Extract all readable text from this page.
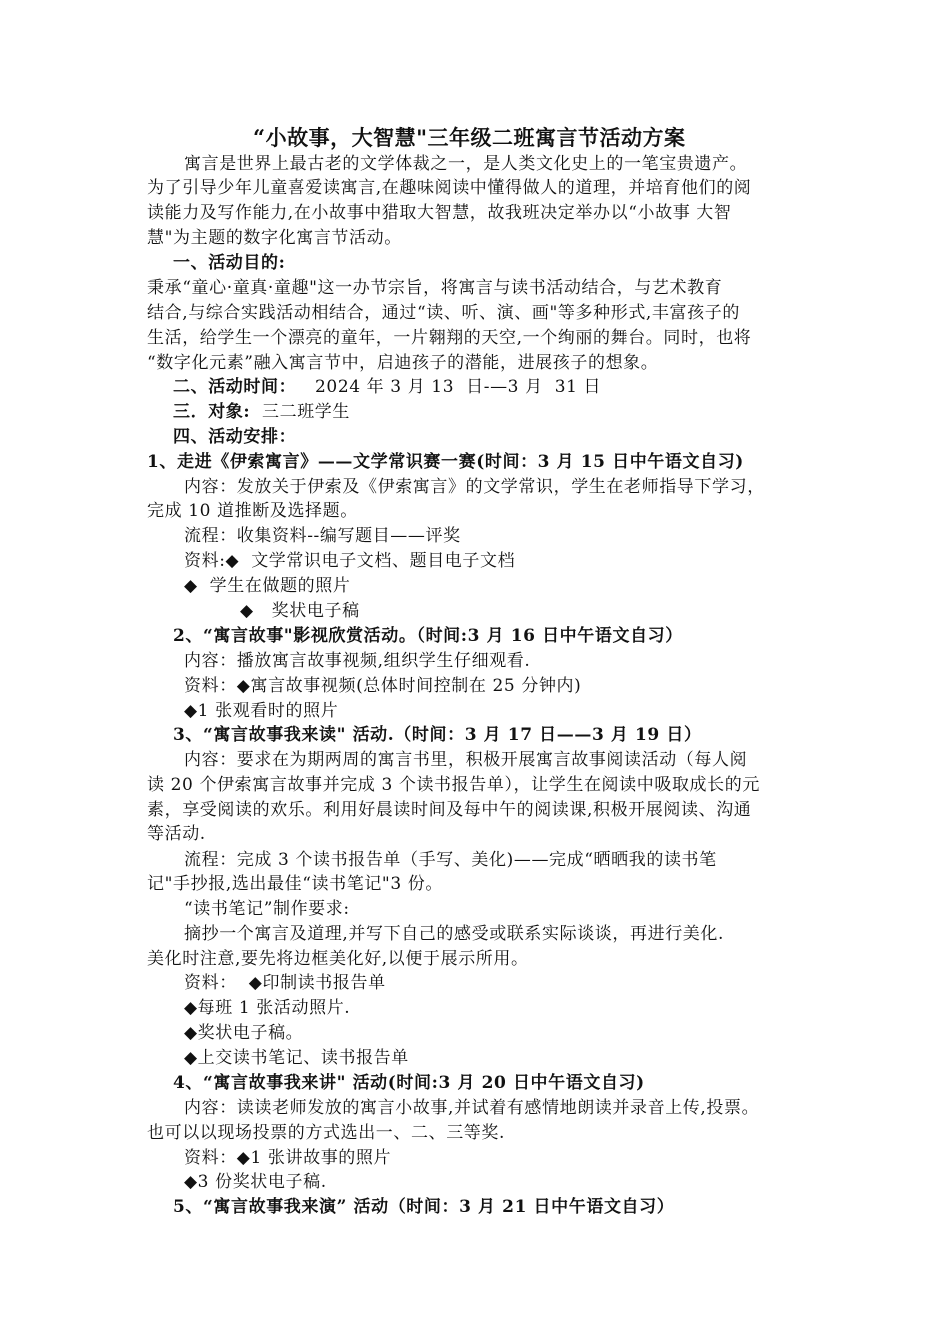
“小故事，大智慧"三年级二班寓言节活动方案
寓言是世界上最古老的文学体裁之一，是人类文化史上的一笔宝贵遗产。
为了引导少年儿童喜爱读寓言,在趣味阅读中懂得做人的道理，并培育他们的阅
读能力及写作能力,在小故事中猎取大智慧，故我班决定举办以“小故事 大智
慧"为主题的数字化寓言节活动。
一、活动目的:
秉承“童心·童真·童趣"这一办节宗旨，将寓言与读书活动结合，与艺术教育
结合,与综合实践活动相结合，通过“读、听、演、画"等多种形式,丰富孩子的
生活，给学生一个漂亮的童年，一片翱翔的天空,一个绚丽的舞台。同时，也将
“数字化元素”融入寓言节中，启迪孩子的潜能，进展孩子的想象。
二、活动时间： 2024 年 3 月 13  日-—3 月  31 日
三．对象: 三二班学生
四、活动安排：
1、走进《伊索寓言》——文学常识赛一赛(时间：3 月 15 日中午语文自习)
内容：发放关于伊索及《伊索寓言》的文学常识，学生在老师指导下学习，
完成 10 道推断及选择题。
流程：收集资料--编写题目——评奖
资料:◆  文学常识电子文档、题目电子文档
◆  学生在做题的照片
◆   奖状电子稿
2、“寓言故事"影视欣赏活动。（时间:3 月 16 日中午语文自习）
内容：播放寓言故事视频,组织学生仔细观看.
资料：◆寓言故事视频(总体时间控制在 25 分钟内)
◆1 张观看时的照片
3、“寓言故事我来读" 活动.（时间：3 月 17 日——3 月 19 日）
内容：要求在为期两周的寓言书里，积极开展寓言故事阅读活动（每人阅
读 20 个伊索寓言故事并完成 3 个读书报告单），让学生在阅读中吸取成长的元
素，享受阅读的欢乐。利用好晨读时间及每中午的阅读课,积极开展阅读、沟通
等活动.
流程：完成 3 个读书报告单（手写、美化)——完成“晒晒我的读书笔
记"手抄报,选出最佳“读书笔记"3 份。
“读书笔记”制作要求:
摘抄一个寓言及道理,并写下自己的感受或联系实际谈谈，再进行美化.
美化时注意,要先将边框美化好,以便于展示所用。
资料：  ◆印制读书报告单
◆每班 1 张活动照片.
◆奖状电子稿。
◆上交读书笔记、读书报告单
4、“寓言故事我来讲" 活动(时间:3 月 20 日中午语文自习)
内容：读读老师发放的寓言小故事,并试着有感情地朗读并录音上传,投票。
也可以以现场投票的方式选出一、二、三等奖.
资料：◆1 张讲故事的照片
◆3 份奖状电子稿.
5、“寓言故事我来演” 活动（时间：3 月 21 日中午语文自习）
